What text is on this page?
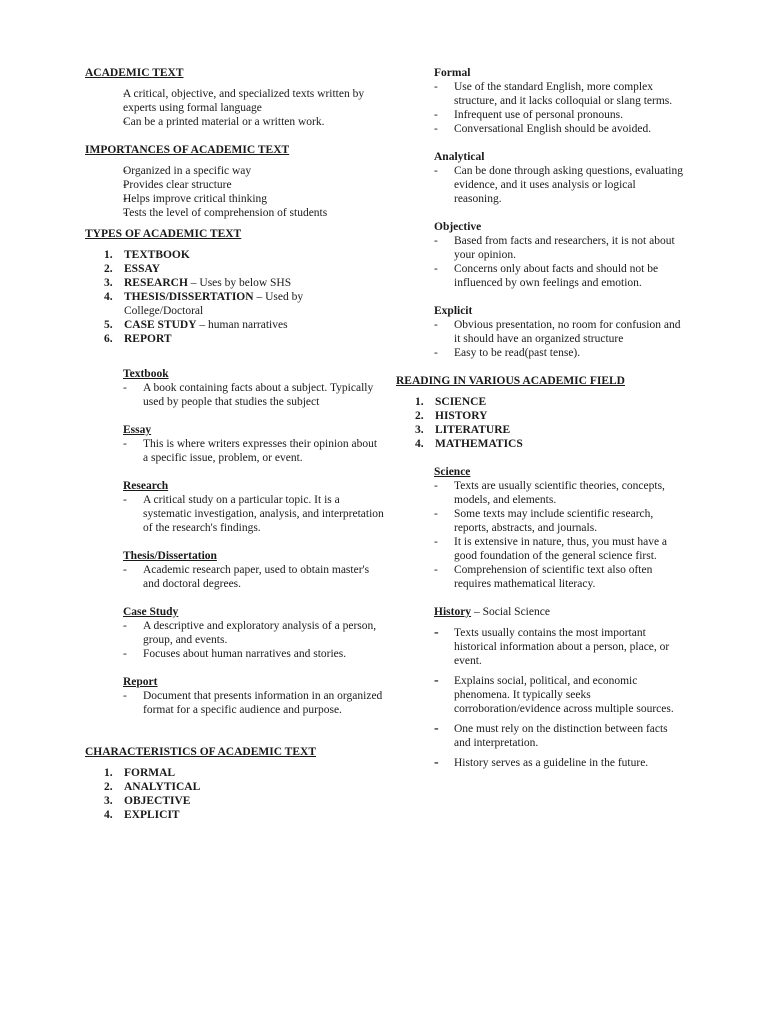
ACADEMIC TEXT

- A critical, objective, and specialized texts written by experts using formal language
- Can be a printed material or a written work.

IMPORTANCES OF ACADEMIC TEXT

- Organized in a specific way
- Provides clear structure
- Helps improve critical thinking
- Tests the level of comprehension of students

TYPES OF ACADEMIC TEXT

1. TEXTBOOK
2. ESSAY
3. RESEARCH – Uses by below SHS
4. THESIS/DISSERTATION – Used by College/Doctoral
5. CASE STUDY – human narratives
6. REPORT

Textbook

- A book containing facts about a subject. Typically used by people that studies the subject

Essay

- This is where writers expresses their opinion about a specific issue, problem, or event.

Research

- A critical study on a particular topic. It is a systematic investigation, analysis, and interpretation of the research's findings.

Thesis/Dissertation

- Academic research paper, used to obtain master's and doctoral degrees.

Case Study

- A descriptive and exploratory analysis of a person, group, and events.
- Focuses about human narratives and stories.

Report

- Document that presents information in an organized format for a specific audience and purpose.

CHARACTERISTICS OF ACADEMIC TEXT

1. FORMAL
2. ANALYTICAL
3. OBJECTIVE
4. EXPLICIT

Formal

- Use of the standard English, more complex structure, and it lacks colloquial or slang terms.
- Infrequent use of personal pronouns.
- Conversational English should be avoided.

Analytical

- Can be done through asking questions, evaluating evidence, and it uses analysis or logical reasoning.

Objective

- Based from facts and researchers, it is not about your opinion.
- Concerns only about facts and should not be influenced by own feelings and emotion.

Explicit

- Obvious presentation, no room for confusion and it should have an organized structure
- Easy to be read(past tense).

READING IN VARIOUS ACADEMIC FIELD

1. SCIENCE
2. HISTORY
3. LITERATURE
4. MATHEMATICS

Science

- Texts are usually scientific theories, concepts, models, and elements.
- Some texts may include scientific research, reports, abstracts, and journals.
- It is extensive in nature, thus, you must have a good foundation of the general science first.
- Comprehension of scientific text also often requires mathematical literacy.

History – Social Science

- Texts usually contains the most important historical information about a person, place, or event.
- Explains social, political, and economic phenomena. It typically seeks corroboration/evidence across multiple sources.
- One must rely on the distinction between facts and interpretation.
- History serves as a guideline in the future.
